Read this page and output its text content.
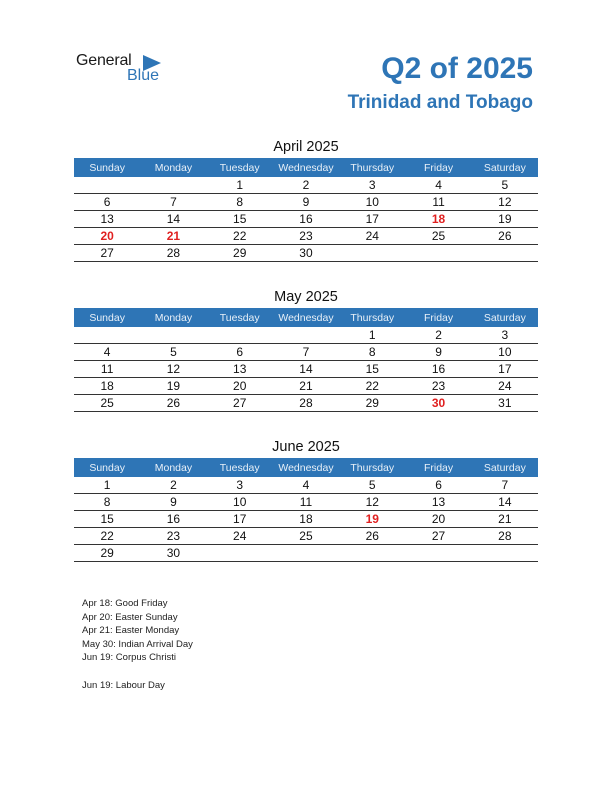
General
Blue	Q2 of 2025
Trinidad and Tobago
April 2025
Sunday	Monday	Tuesday	Wednesday	Thursday	Friday	Saturday
		1	2	3	4	5
6	7	8	9	10	11	12
13	14	15	16	17	18	19
20	21	22	23	24	25	26
27	28	29	30			
May 2025
Sunday	Monday	Tuesday	Wednesday	Thursday	Friday	Saturday
				1	2	3
4	5	6	7	8	9	10
11	12	13	14	15	16	17
18	19	20	21	22	23	24
25	26	27	28	29	30	31
June 2025
Sunday	Monday	Tuesday	Wednesday	Thursday	Friday	Saturday
1	2	3	4	5	6	7
8	9	10	11	12	13	14
15	16	17	18	19	20	21
22	23	24	25	26	27	28
29	30					
Apr 18: Good Friday
Apr 20: Easter Sunday
Apr 21: Easter Monday
May 30: Indian Arrival Day
Jun 19: Corpus Christi
Jun 19: Labour Day
